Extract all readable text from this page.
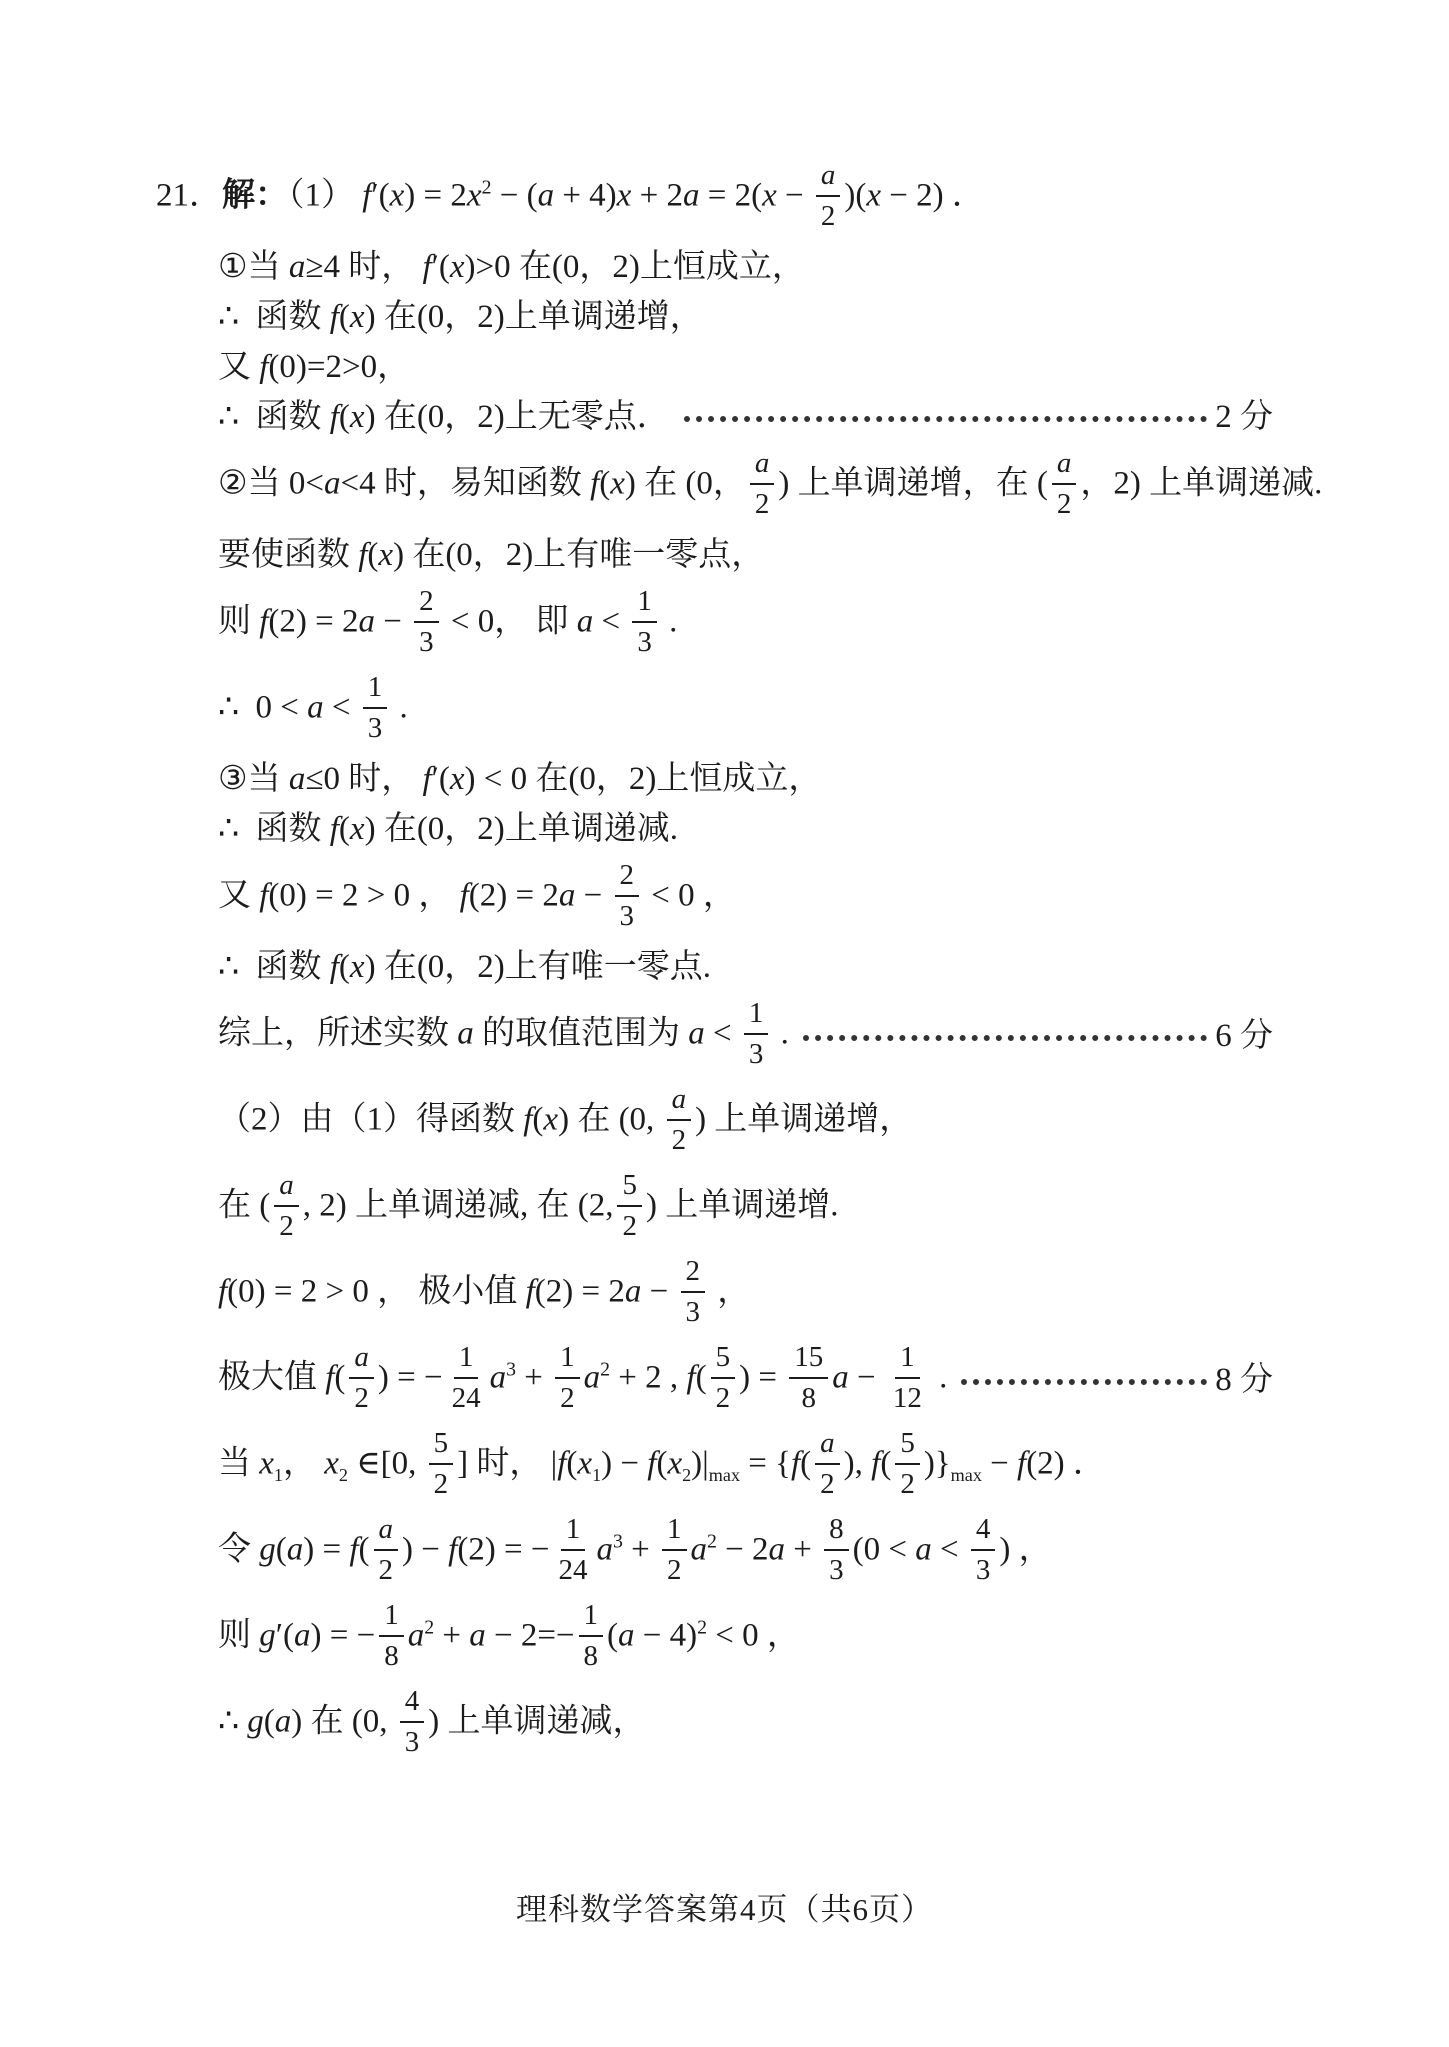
21．解：（1） $f'(x) = 2x^2 - (a + 4)x + 2a = 2(x - \frac{a}{2} )(x - 2)$ ．
①当 a≥4 时， f′(x)>0 在(0，2)上恒成立，
∴  函数 f(x) 在(0，2)上单调递增，
又 f(0)=2>0，
∴  函数 f(x) 在(0，2)上无零点．	2 分
②当 0<a<4 时，易知函数 f(x) 在 (0， $\frac{a}{2}$ ) 上单调递增，在 ( $\frac{a}{2}$ ，2) 上单调递减.
要使函数 f(x) 在(0，2)上有唯一零点，
则 $f(2) = 2a - \frac{2}{3} < 0$， 即 $a < \frac{1}{3}$ .
∴  $0 < a < \frac{1}{3}$ .
③当 a≤0 时， f′(x) < 0 在(0，2)上恒成立，
∴  函数 f(x) 在(0，2)上单调递减.
又 f(0) = 2 > 0 ， $f(2) = 2a - \frac{2}{3} < 0$ ，
∴  函数 f(x) 在(0，2)上有唯一零点.
综上，所述实数 a 的取值范围为 $a < \frac{1}{3}$ .	6 分
（2）由（1）得函数 f(x) 在 (0, $\frac{a}{2}$ ) 上单调递增，
在 ( $\frac{a}{2}$ , 2) 上单调递减, 在 (2, $\frac{5}{2}$ ) 上单调递增.
f(0) = 2 > 0 ， 极小值 $f(2) = 2a - \frac{2}{3}$ ，
极大值 $f( \frac{a}{2}$ ) = − $\frac{1}{24} a^3 + \frac{1}{2} a^2 + 2$ , $f( \frac{5}{2}$ ) = $\frac{15}{8}$ $a - \frac{1}{12}$ .	8 分
当 $x_1$， $x_2$ ∈[0, $\frac{5}{2}$ ] 时， $|f(x_1) - f(x_2)|_{max} = \{f( \frac{a}{2}$ ), $f( \frac{5}{2} )\}_{max} - f(2)$ ．
令 $g(a) = f( \frac{a}{2}$ ) − f(2) = − $\frac{1}{24} a^3 + \frac{1}{2} a^2 - 2a + \frac{8}{3} (0 < a < \frac{4}{3}$ ) ，
则 g′(a) = − $\frac{1}{8} a^2 + a - 2=- \frac{1}{8} (a - 4)^2 < 0$ ，
∴ g(a) 在 (0, $\frac{4}{3}$ ) 上单调递减，
理科数学答案第4页（共6页）
